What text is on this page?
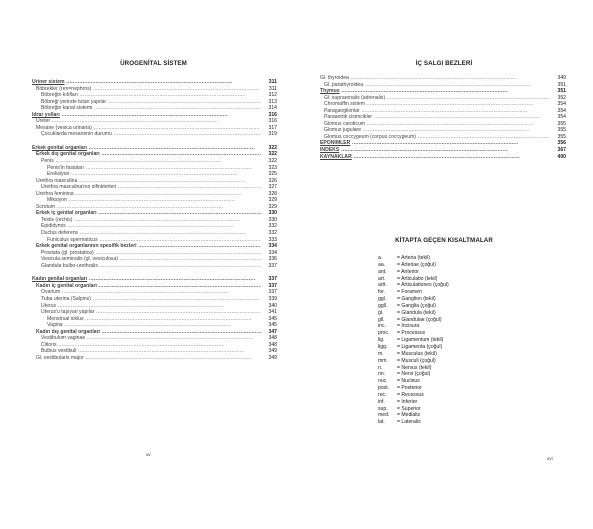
ÜROGENİTAL SİSTEM
Üriner sistem . . .	311
Böbrekler (ren=nephros) . . .	311
Böbreğin kılıfları . . .	312
Böbreği yerinde tutan yapılar . . .	313
Böbreğin kanal sistemi . . .	314
İdrar yolları . . .	316
Ureter . . .	316
Mesane (vesica urinaria) . . .	317
Çocuklarda mesanenin durumu . . .	319
Erkek genital organları . . .	322
Erkek dış genital organları . . .	322
Penis . . .	322
Penis'in fasiaları . . .	323
Ereksiyon . . .	325
Urethra masculina . . .	326
Urethra masculina'nın sifinkterleri . . .	327
Urethra feminina . . .	328
Miksiyon . . .	329
Scrotum . . .	329
Erkek iç genital organları . . .	330
Testis (orchis) . . .	330
Epididymis . . .	332
Ductus deferens . . .	332
Funiculus spermaticus . . .	333
Erkek genital organlarının spesifik bezleri . . .	334
Prostata (gl. prostatica) . . .	334
Vesicula seminalis (gl. vesiculosa) . . .	336
Glandula bulbo-urethralis . . .	337
Kadın genital organları . . .	337
Kadın iç genital organları . . .	337
Ovarium . . .	337
Tuba uterina (Salpinx) . . .	339
Uterus . . .	340
Uterus'u taşıyan yapılar . . .	341
Menstrual siklus . . .	345
Vagina . . .	345
Kadın dış genital organları . . .	347
Vestibulum vaginae . . .	348
Clitoris . . .	348
Bulbus vestibuli . . .	349
Gl. vestibularis major . . .	349
xv
İÇ SALGI BEZLERİ
Gl. thyroidea . . .	349
Gl. parathyroidea . . .	351
Thymus . . .	351
Gl. suprarenalis (adrenalis) . . .	352
Chromaffin sistem . . .	354
Paraganglionlar . . .	354
Paraaortik cisimcikler . . .	354
Glomus caroticum . . .	355
Glomus jugulare . . .	355
Glomus coccygeum (corpus coccygeum) . . .	355
EPONİMLER . . .	356
İNDEKS . . .	367
KAYNAKLAR . . .	400
KİTAPTA GEÇEN KISALTMALAR
a.	= Arteria (tekil)
aa. = Arteriae (çoğul)
ant. = Anterior
art. = Articulatio (tekil)
artt. = Articulationes (çoğul)
for. = Foramen
ggl. = Ganglion (tekil)
ggll. = Ganglia (çoğul)
gl.	= Glandula (tekil)
gll. = Glandulae (çoğul)
inc. = Incisura
proc. = Processus
lig. = Ligamentum (tekil)
ligg. = Ligamenta (çoğul)
m.	= Musculus (tekil)
mm. = Musculi (çoğul)
n.	= Nervus (tekil)
nn. = Nervi (çoğul)
nuc. = Nucleus
post. = Posterior
rec. = Recessus
inf. = Inferior
sup. = Superior
med. = Medialis
lat. = Lateralis
xvi
